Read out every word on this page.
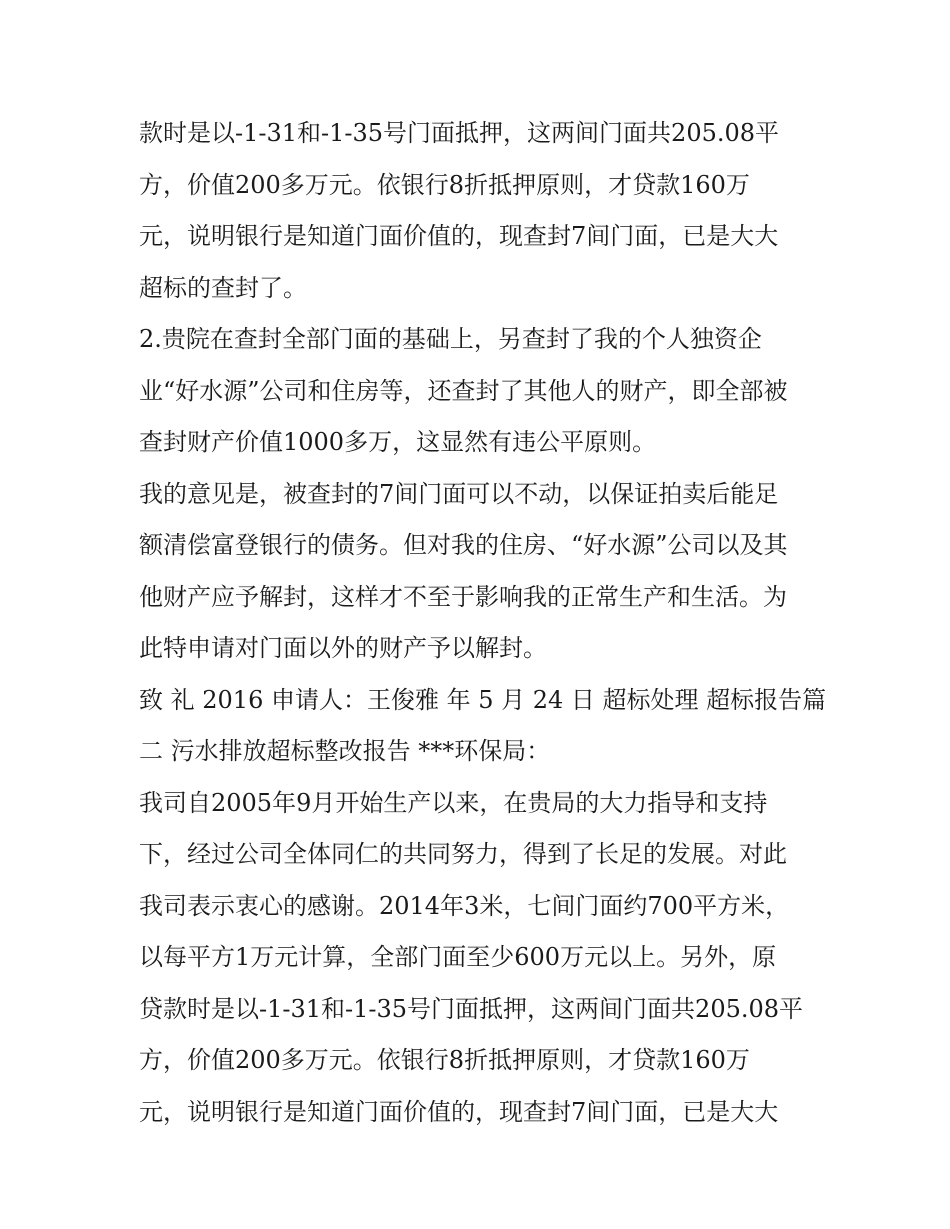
款时是以-1-31和-1-35号门面抵押，这两间门面共205.08平
方，价值200多万元。依银行8折抵押原则，才贷款160万
元，说明银行是知道门面价值的，现查封7间门面，已是大大
超标的查封了。
2.贵院在查封全部门面的基础上，另查封了我的个人独资企
业“好水源”公司和住房等，还查封了其他人的财产，即全部被
查封财产价值1000多万，这显然有违公平原则。
我的意见是，被查封的7间门面可以不动，以保证拍卖后能足
额清偿富登银行的债务。但对我的住房、“好水源”公司以及其
他财产应予解封，这样才不至于影响我的正常生产和生活。为
此特申请对门面以外的财产予以解封。
致 礼 2016 申请人：王俊雅 年 5 月 24 日 超标处理 超标报告篇
二 污水排放超标整改报告 ***环保局：
我司自2005年9月开始生产以来，在贵局的大力指导和支持
下，经过公司全体同仁的共同努力，得到了长足的发展。对此
我司表示衷心的感谢。2014年3米，七间门面约700平方米，
以每平方1万元计算，全部门面至少600万元以上。另外，原
贷款时是以-1-31和-1-35号门面抵押，这两间门面共205.08平
方，价值200多万元。依银行8折抵押原则，才贷款160万
元，说明银行是知道门面价值的，现查封7间门面，已是大大
